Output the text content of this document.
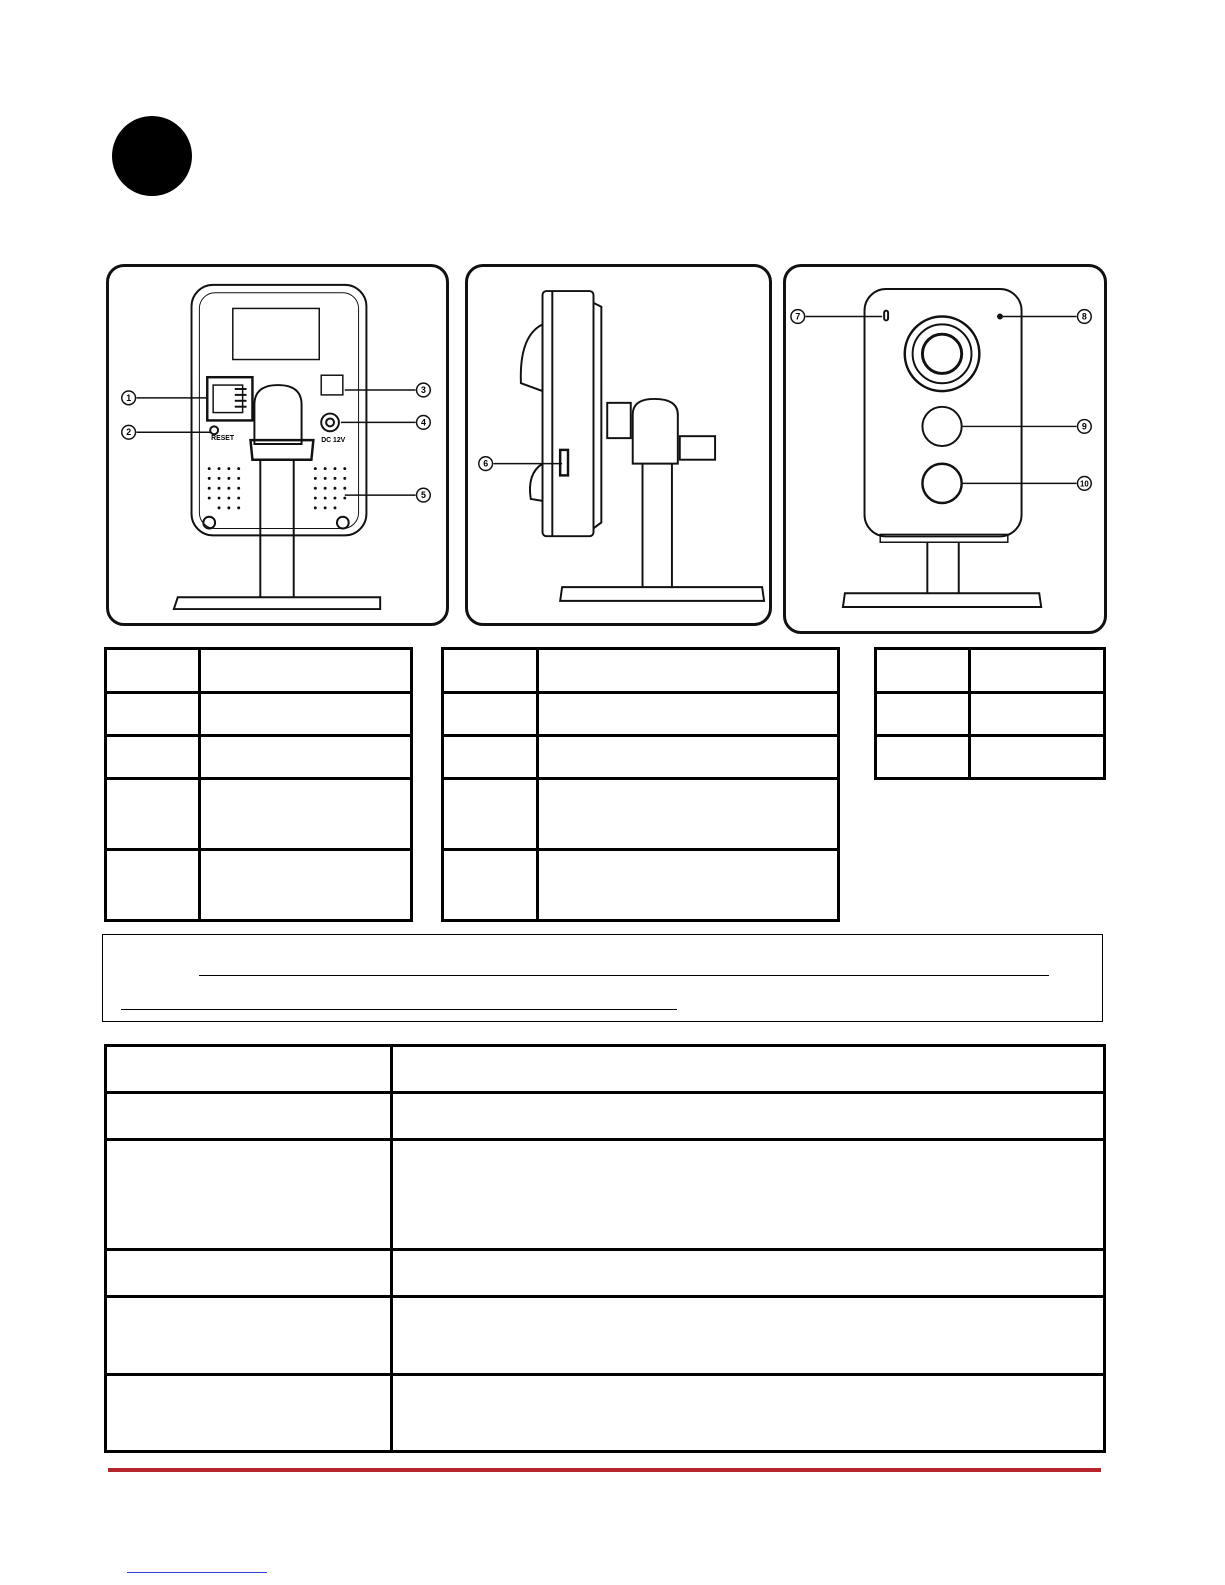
RESET	DC 12V
1
2
3
4
5
6
7	8
9
10
